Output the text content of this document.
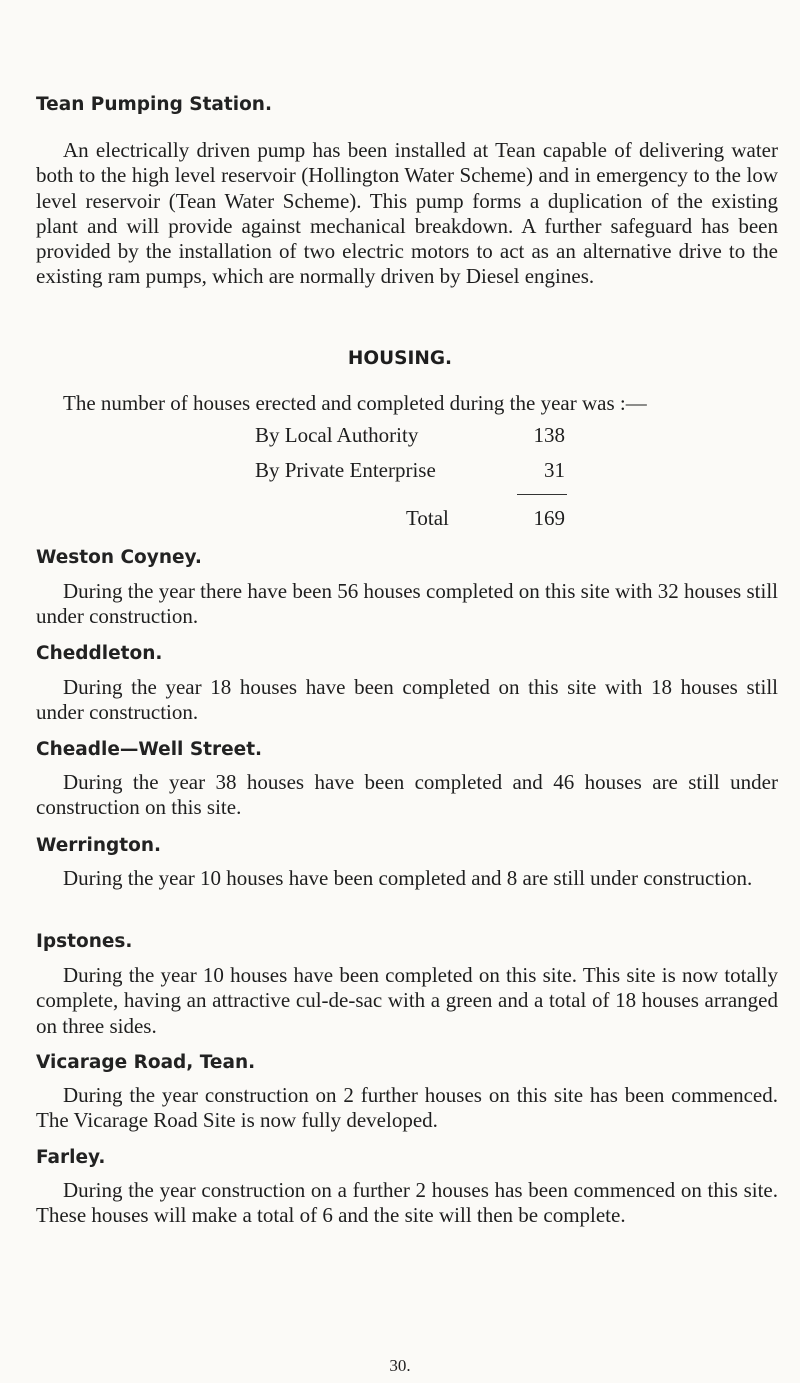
Tean Pumping Station.

An electrically driven pump has been installed at Tean capable of delivering water both to the high level reservoir (Hollington Water Scheme) and in emergency to the low level reservoir (Tean Water Scheme). This pump forms a duplication of the existing plant and will provide against mechanical breakdown. A further safeguard has been provided by the installation of two electric motors to act as an alternative drive to the existing ram pumps, which are normally driven by Diesel engines.

HOUSING.

The number of houses erected and completed during the year was :—

By Local Authority	138
By Private Enterprise	31
Total	169
Weston Coyney.

During the year there have been 56 houses completed on this site with 32 houses still under construction.

Cheddleton.

During the year 18 houses have been completed on this site with 18 houses still under construction.

Cheadle—Well Street.

During the year 38 houses have been completed and 46 houses are still under construction on this site.

Werrington.

During the year 10 houses have been completed and 8 are still under construction.

Ipstones.

During the year 10 houses have been completed on this site. This site is now totally complete, having an attractive cul-de-sac with a green and a total of 18 houses arranged on three sides.

Vicarage Road, Tean.

During the year construction on 2 further houses on this site has been commenced. The Vicarage Road Site is now fully developed.

Farley.

During the year construction on a further 2 houses has been commenced on this site. These houses will make a total of 6 and the site will then be complete.

30.
